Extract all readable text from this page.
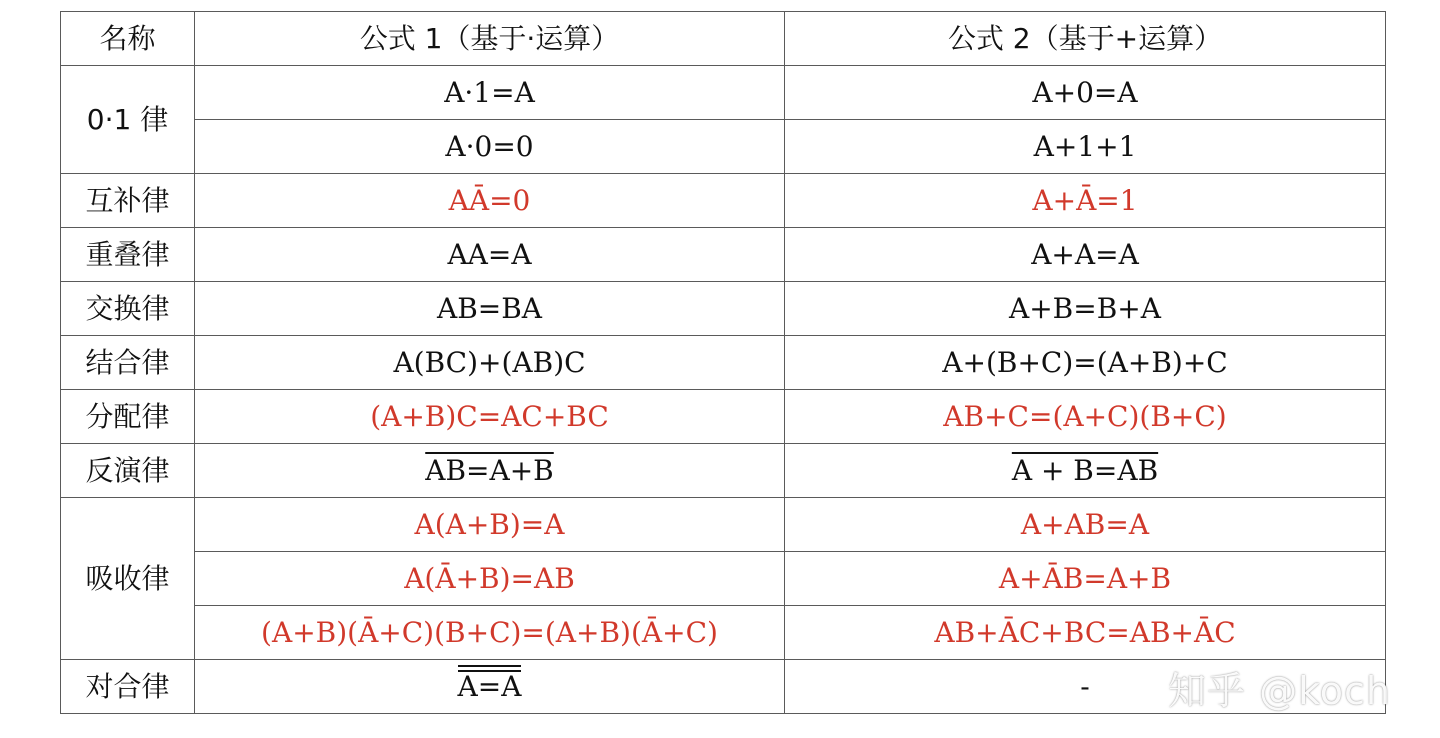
名称	公式 1（基于·运算）	公式 2（基于+运算）
0·1 律	A·1=A	A+0=A
	A·0=0	A+1+1
互补律	AĀ=0	A+Ā=1
重叠律	AA=A	A+A=A
交换律	AB=BA	A+B=B+A
结合律	A(BC)+(AB)C	A+(B+C)=(A+B)+C
分配律	(A+B)C=AC+BC	AB+C=(A+C)(B+C)
反演律	AB=A+B	A + B=AB
吸收律	A(A+B)=A	A+AB=A
	A(Ā+B)=AB	A+ĀB=A+B
	(A+B)(Ā+C)(B+C)=(A+B)(Ā+C)	AB+ĀC+BC=AB+ĀC
对合律	A=A	- 知乎 @koch
